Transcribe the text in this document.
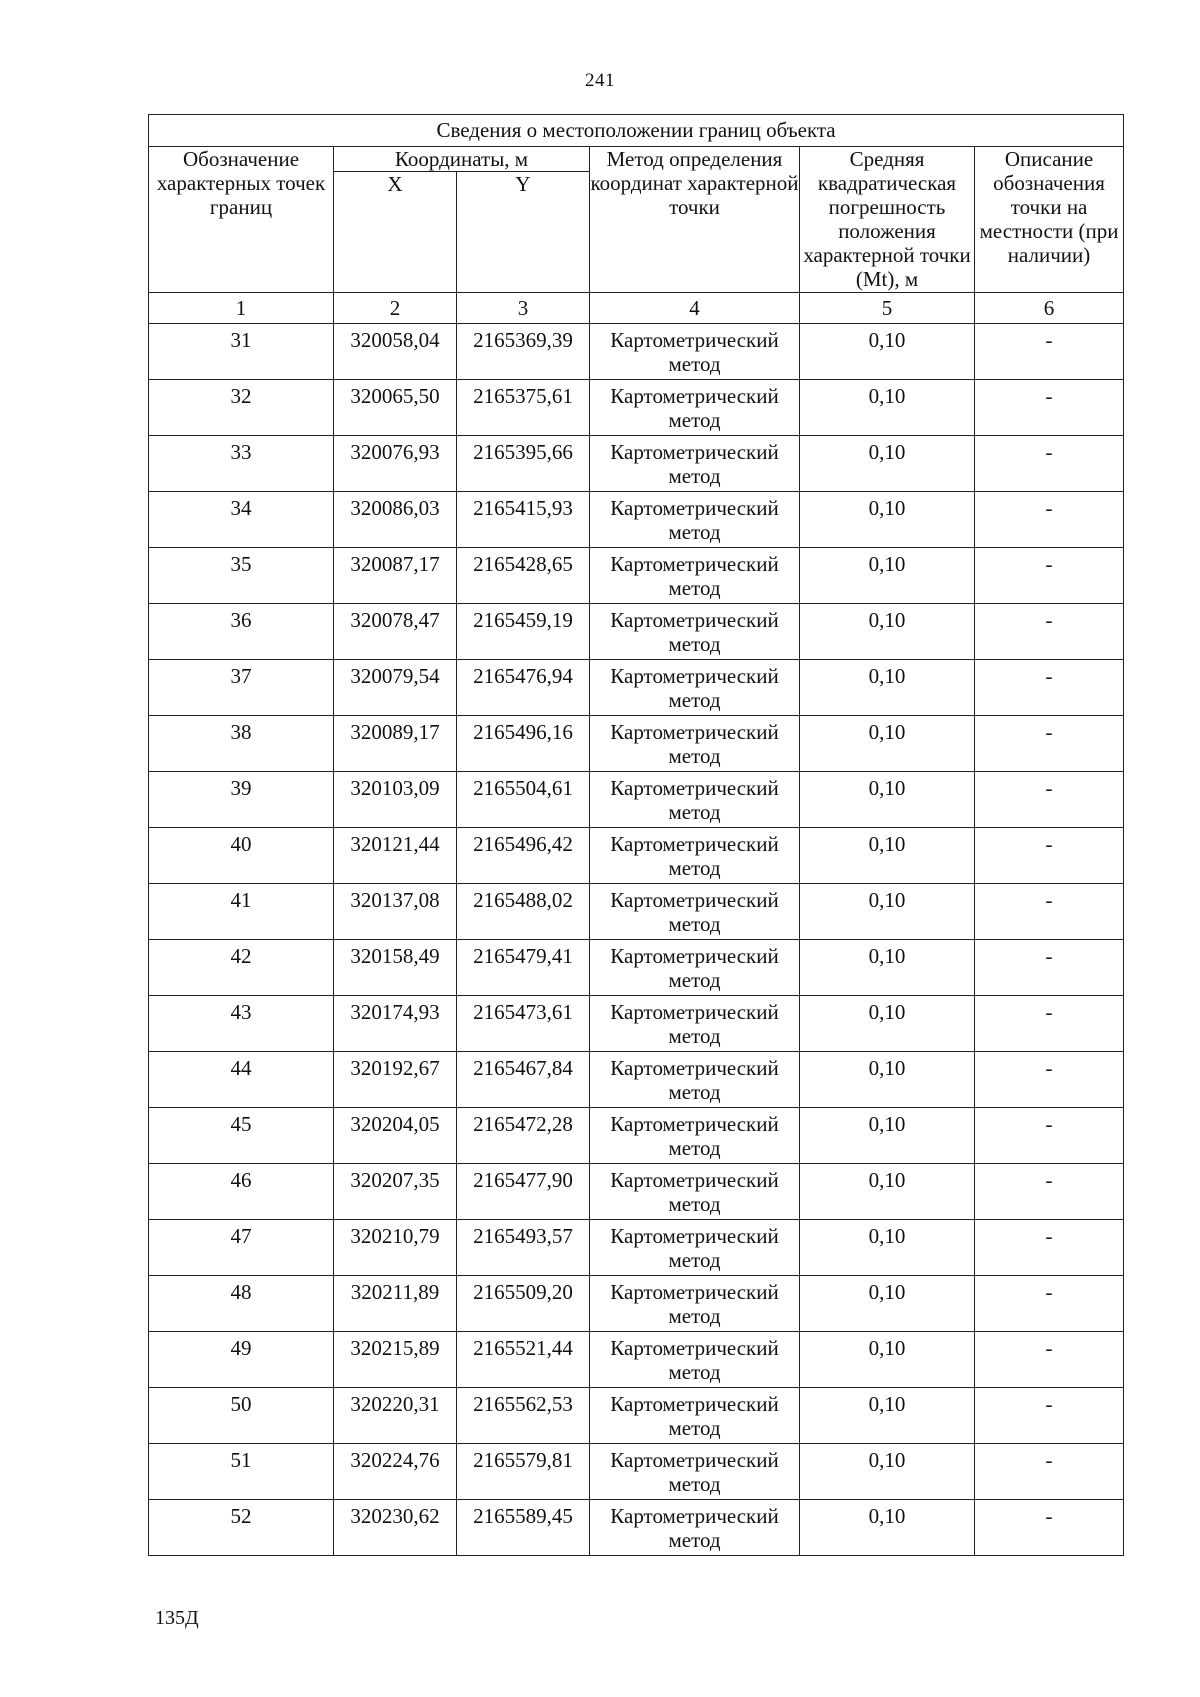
241
Сведения о местоположении границ объекта					
Обозначение характерных точек границ	Координаты, м		Метод определения координат характерной точки	Средняя квадратическая погрешность положения характерной точки (Mt), м	Описание обозначения точки на местности (при наличии)
	X	Y			
1	2	3	4	5	6
31	320058,04	2165369,39	Картометрический метод	0,10	-
32	320065,50	2165375,61	Картометрический метод	0,10	-
33	320076,93	2165395,66	Картометрический метод	0,10	-
34	320086,03	2165415,93	Картометрический метод	0,10	-
35	320087,17	2165428,65	Картометрический метод	0,10	-
36	320078,47	2165459,19	Картометрический метод	0,10	-
37	320079,54	2165476,94	Картометрический метод	0,10	-
38	320089,17	2165496,16	Картометрический метод	0,10	-
39	320103,09	2165504,61	Картометрический метод	0,10	-
40	320121,44	2165496,42	Картометрический метод	0,10	-
41	320137,08	2165488,02	Картометрический метод	0,10	-
42	320158,49	2165479,41	Картометрический метод	0,10	-
43	320174,93	2165473,61	Картометрический метод	0,10	-
44	320192,67	2165467,84	Картометрический метод	0,10	-
45	320204,05	2165472,28	Картометрический метод	0,10	-
46	320207,35	2165477,90	Картометрический метод	0,10	-
47	320210,79	2165493,57	Картометрический метод	0,10	-
48	320211,89	2165509,20	Картометрический метод	0,10	-
49	320215,89	2165521,44	Картометрический метод	0,10	-
50	320220,31	2165562,53	Картометрический метод	0,10	-
51	320224,76	2165579,81	Картометрический метод	0,10	-
52	320230,62	2165589,45	Картометрический метод	0,10	-
135Д
